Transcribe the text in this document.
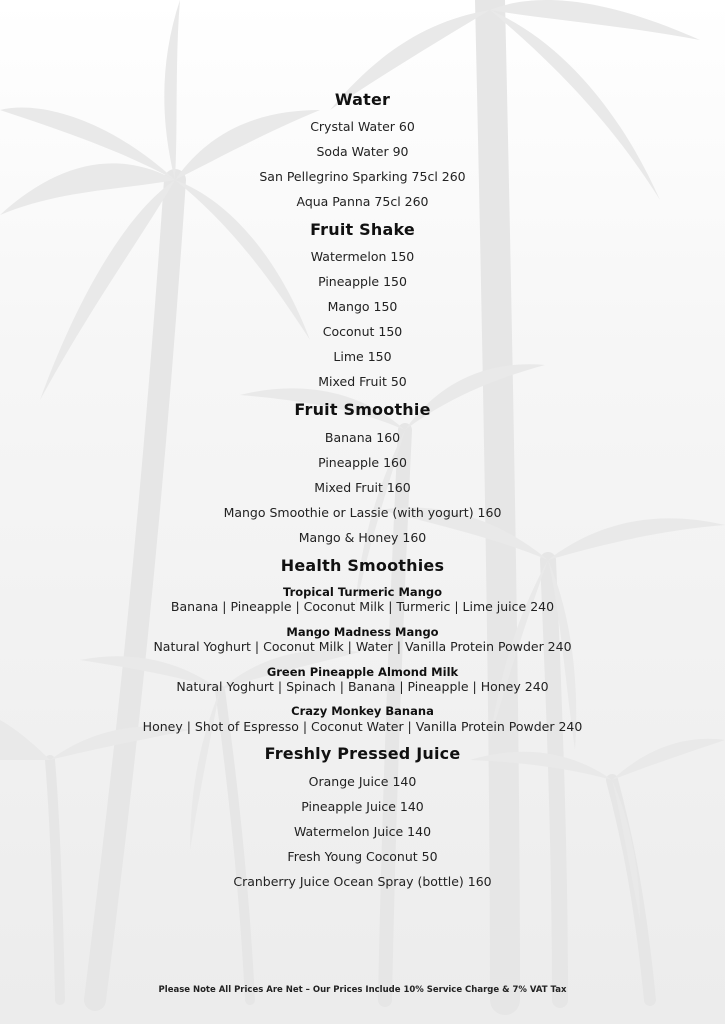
Water
Crystal Water 60
Soda Water 90
San Pellegrino Sparking 75cl 260
Aqua Panna 75cl 260
Fruit Shake
Watermelon 150
Pineapple 150
Mango 150
Coconut 150
Lime 150
Mixed Fruit 50
Fruit Smoothie
Banana 160
Pineapple 160
Mixed Fruit 160
Mango Smoothie or Lassie (with yogurt) 160
Mango & Honey 160
Health Smoothies
Tropical Turmeric Mango
Banana | Pineapple | Coconut Milk | Turmeric | Lime juice 240
Mango Madness Mango
Natural Yoghurt | Coconut Milk | Water | Vanilla Protein Powder 240
Green Pineapple Almond Milk
Natural Yoghurt | Spinach | Banana | Pineapple | Honey 240
Crazy Monkey Banana
Honey | Shot of Espresso | Coconut Water | Vanilla Protein Powder 240
Freshly Pressed Juice
Orange Juice 140
Pineapple Juice 140
Watermelon Juice 140
Fresh Young Coconut 50
Cranberry Juice Ocean Spray (bottle) 160
Please Note All Prices Are Net – Our Prices Include 10% Service Charge & 7% VAT Tax
